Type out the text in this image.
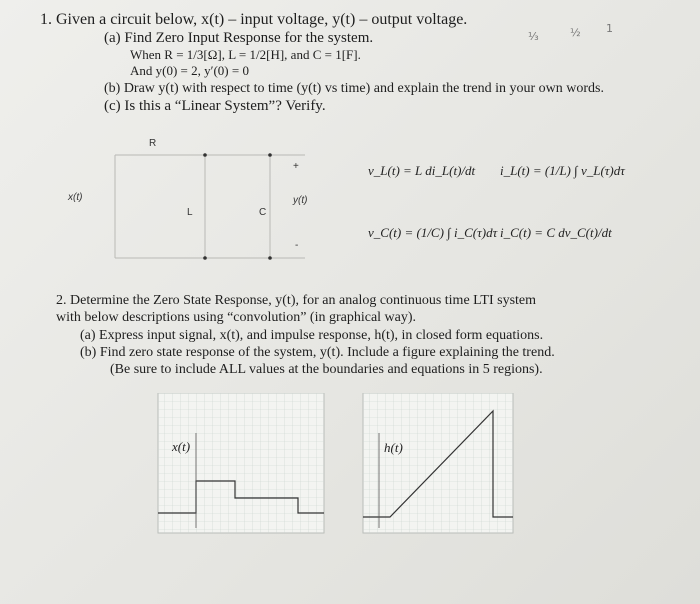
1. Given a circuit below, x(t) – input voltage, y(t) – output voltage.
(a) Find Zero Input Response for the system.
When R = 1/3[Ω], L = 1/2[H], and C = 1[F].
And y(0) = 2, y′(0) = 0
(b) Draw y(t) with respect to time (y(t) vs time) and explain the trend in your own words.
(c) Is this a “Linear System”? Verify.
⅓	½ 1
R
L	C
x(t)	y(t)
+
-
v_L(t) = L di_L(t)/dt i_L(t) = (1/L) ∫ v_L(τ)dτ
v_C(t) = (1/C) ∫ i_C(τ)dτ i_C(t) = C dv_C(t)/dt
2. Determine the Zero State Response, y(t), for an analog continuous time LTI system
with below descriptions using “convolution” (in graphical way).
(a) Express input signal, x(t), and impulse response, h(t), in closed form equations.
(b) Find zero state response of the system, y(t). Include a figure explaining the trend.
(Be sure to include ALL values at the boundaries and equations in 5 regions).
x(t)	h(t)
